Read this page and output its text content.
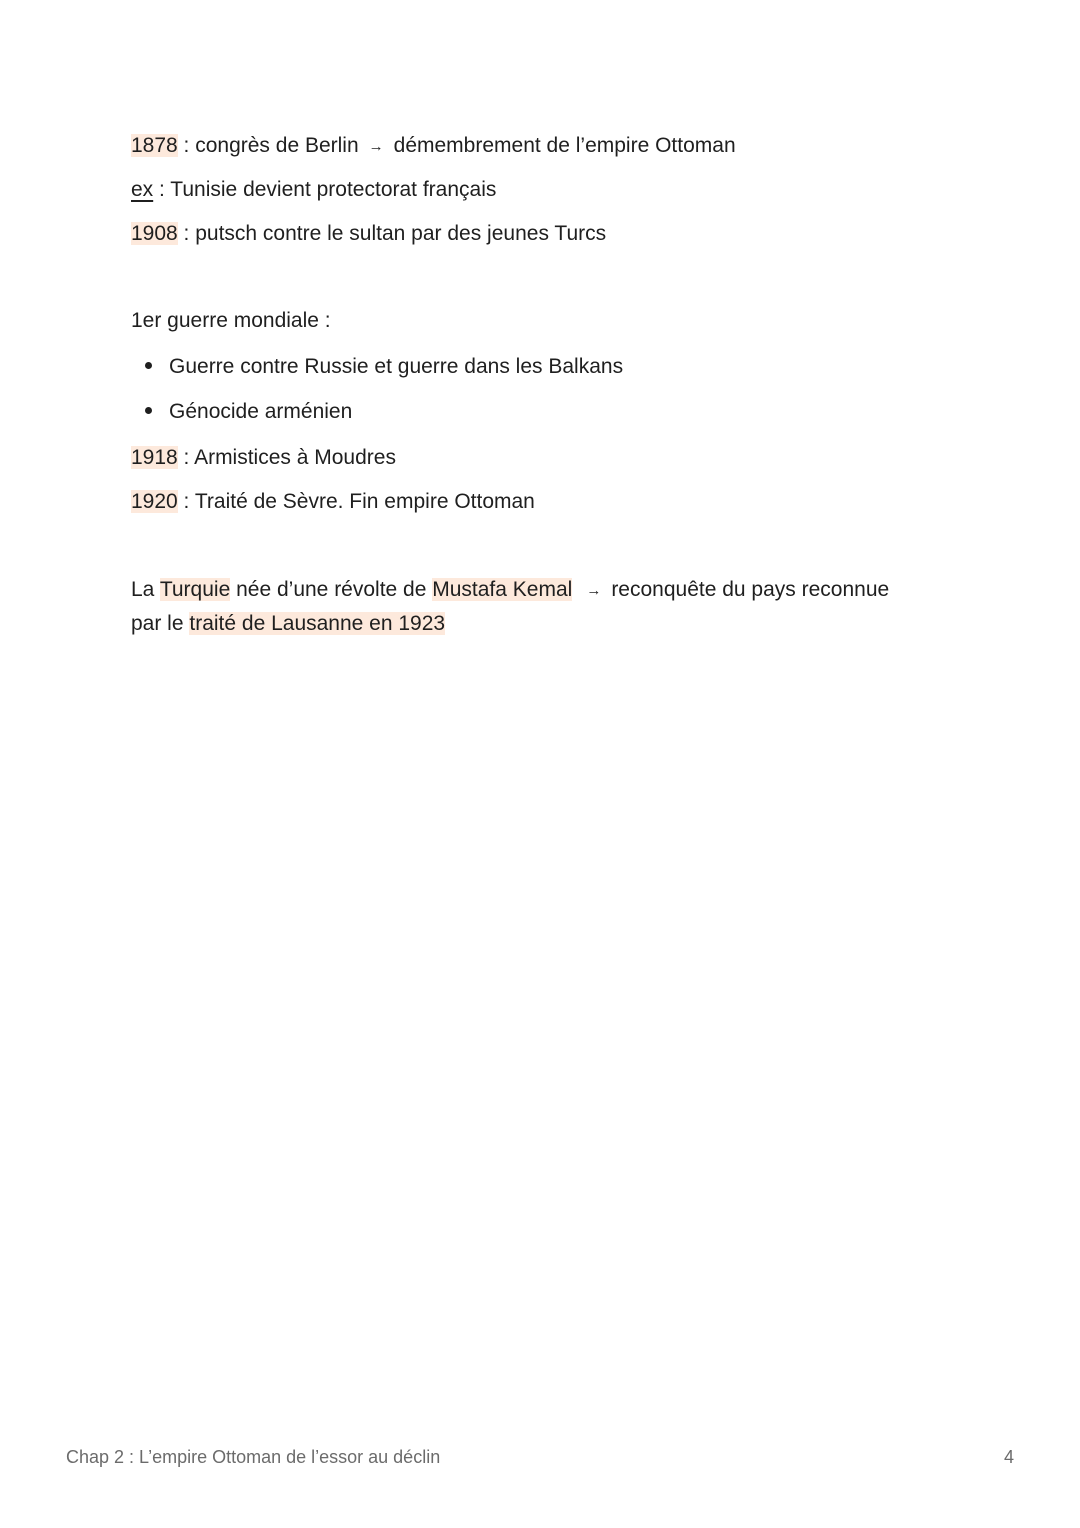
1878 : congrès de Berlin → démembrement de l’empire Ottoman
ex : Tunisie devient protectorat français
1908 : putsch contre le sultan par des jeunes Turcs
1er guerre mondiale :
Guerre contre Russie et guerre dans les Balkans
Génocide arménien
1918 : Armistices à Moudres
1920 : Traité de Sèvre. Fin empire Ottoman
La Turquie née d’une révolte de Mustafa Kemal → reconquête du pays reconnue
par le traité de Lausanne en 1923
Chap 2 : L’empire Ottoman de l’essor au déclin	4
